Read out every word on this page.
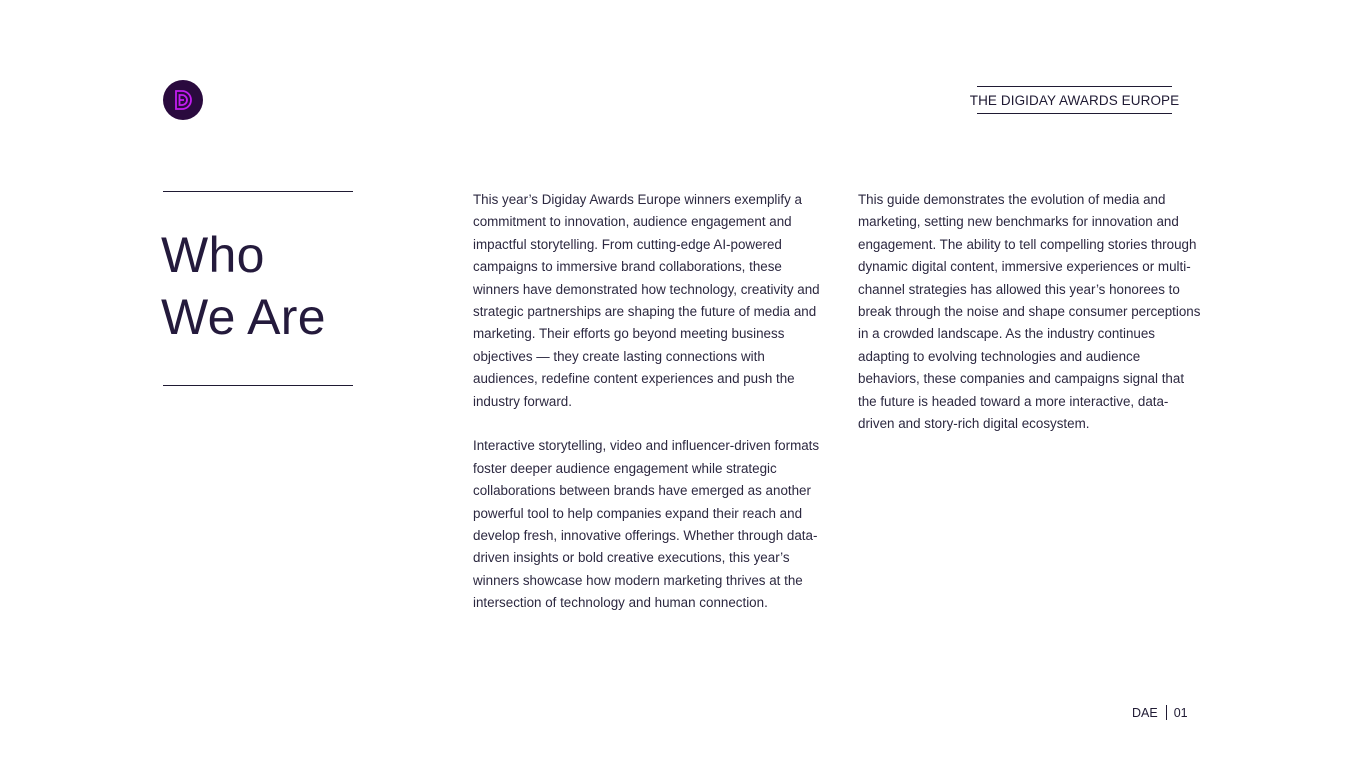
THE DIGIDAY AWARDS EUROPE
Who
We Are

This year’s Digiday Awards Europe winners exemplify a commitment to innovation, audience engagement and impactful storytelling. From cutting-edge AI-powered campaigns to immersive brand collaborations, these winners have demonstrated how technology, creativity and strategic partnerships are shaping the future of media and marketing. Their efforts go beyond meeting business objectives — they create lasting connections with audiences, redefine content experiences and push the industry forward.

Interactive storytelling, video and influencer-driven formats foster deeper audience engagement while strategic collaborations between brands have emerged as another powerful tool to help companies expand their reach and develop fresh, innovative offerings. Whether through data-driven insights or bold creative executions, this year’s winners showcase how modern marketing thrives at the intersection of technology and human connection.

This guide demonstrates the evolution of media and marketing, setting new benchmarks for innovation and engagement. The ability to tell compelling stories through dynamic digital content, immersive experiences or multi-channel strategies has allowed this year’s honorees to break through the noise and shape consumer perceptions in a crowded landscape. As the industry continues adapting to evolving technologies and audience behaviors, these companies and campaigns signal that the future is headed toward a more interactive, data-driven and story-rich digital ecosystem.

DAE 01
